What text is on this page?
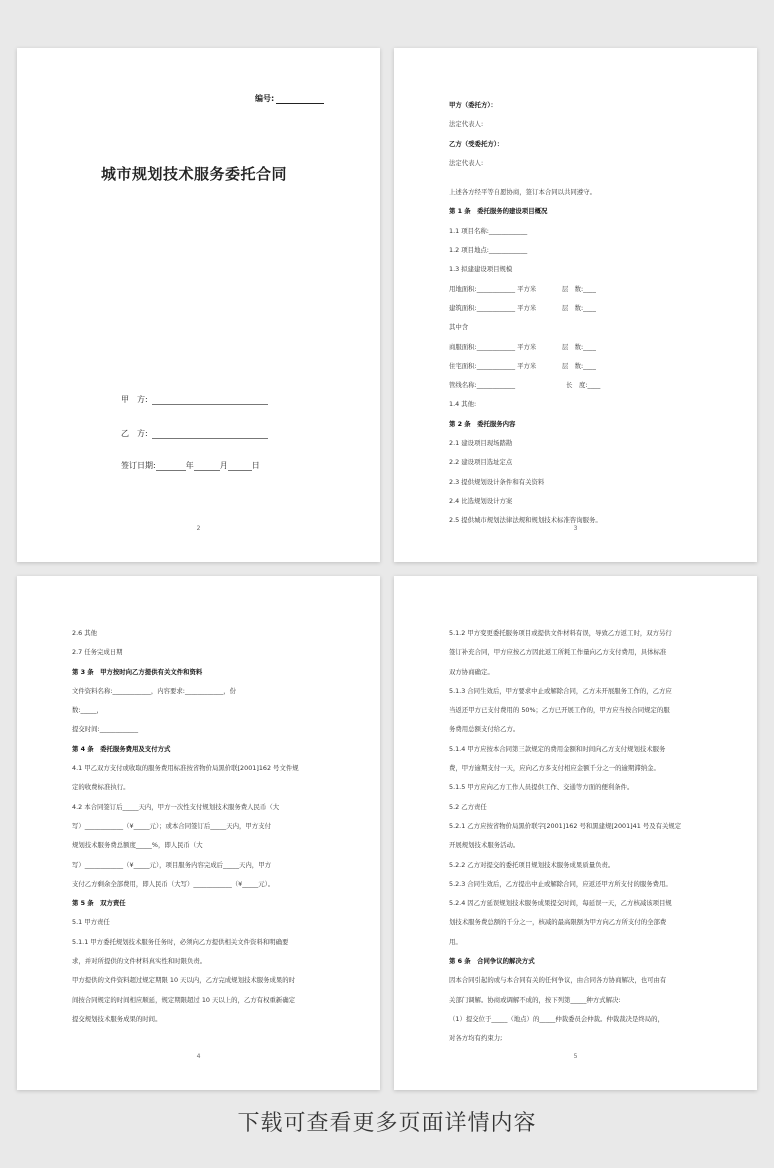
编号:
城市规划技术服务委托合同
甲　方:
乙　方:
签订日期:	年	月	日
2
甲方（委托方）：
法定代表人:
乙方（受委托方）：
法定代表人:
上述各方经平等自愿协商，签订本合同以共同遵守。
第 1 条　委托服务的建设项目概况
1.1 项目名称:____________
1.2 项目地点:____________
1.3 拟建建设项目规模
用地面积:____________ 平方米　　　　层　数:____
建筑面积:____________ 平方米　　　　层　数:____
其中含
商服面积:____________ 平方米　　　　层　数:____
住宅面积:____________ 平方米　　　　层　数:____
管线名称:____________　　　　　　　　长　度:____
1.4 其他:
第 2 条　委托服务内容
2.1 建设项目现场踏勘
2.2 建设项目选址定点
2.3 提供规划设计条件和有关资料
2.4 比选规划设计方案
2.5 提供城市规划法律法规和规划技术标准咨询服务。
3
2.6 其他
2.7 任务完成日期
第 3 条　甲方按时向乙方提供有关文件和资料
文件资料名称:____________，内容要求:____________，份
数:_____，
提交时间:____________
第 4 条　委托服务费用及支付方式
4.1 甲乙双方支付或收取的服务费用标准按省物价局黑价联[2001]162 号文件规
定的收费标准执行。
4.2 本合同签订后_____天内，甲方一次性支付规划技术服务费人民币（大
写）____________（¥_____元）；或本合同签订后_____天内，甲方支付
规划技术服务费总额度_____%，即人民币（大
写）____________（¥_____元），项目服务内容完成后_____天内，甲方
支付乙方剩余全部费用，即人民币（大写）____________（¥_____元）。
第 5 条　双方责任
5.1 甲方责任
5.1.1 甲方委托规划技术服务任务时，必须向乙方提供相关文件资料和明确要
求，并对所提供的文件材料真实性和时限负责。
甲方提供的文件资料超过规定期限 10 天以内，乙方完成规划技术服务成果的时
间按合同规定的时间相应顺延，规定期限超过 10 天以上的，乙方有权重新确定
提交规划技术服务成果的时间。
4
5.1.2 甲方变更委托服务项目或提供文件材料有误，导致乙方返工时，双方另行
签订补充合同，甲方应按乙方因此返工所耗工作量向乙方支付费用，具体标准
双方协商确定。
5.1.3 合同生效后，甲方要求中止或解除合同，乙方未开展服务工作的，乙方应
当返还甲方已支付费用的 50%；乙方已开展工作的，甲方应当按合同规定的服
务费用总额支付给乙方。
5.1.4 甲方应按本合同第三款规定的费用金额和时间向乙方支付规划技术服务
费，甲方逾期支付一天，应向乙方多支付相应金额千分之一的逾期滞纳金。
5.1.5 甲方应向乙方工作人员提供工作、交通等方面的便利条件。
5.2 乙方责任
5.2.1 乙方应按省物价局黑价联字[2001]162 号和黑建规[2001]41 号及有关规定
开展规划技术服务活动。
5.2.2 乙方对提交的委托项目规划技术服务成果质量负责。
5.2.3 合同生效后，乙方提出中止或解除合同，应返还甲方所支付的服务费用。
5.2.4 因乙方延误规划技术服务成果提交时间，每延误一天，乙方核减该项目规
划技术服务费总额的千分之一，核减的最高限额为甲方向乙方所支付的全部费
用。
第 6 条　合同争议的解决方式
因本合同引起的或与本合同有关的任何争议，由合同各方协商解决，也可由有
关部门调解。协商或调解不成的，按下列第_____种方式解决:
（1）提交位于_____（地点）的_____仲裁委员会仲裁。仲裁裁决是终局的，
对各方均有约束力;
5
下载可查看更多页面详情内容
